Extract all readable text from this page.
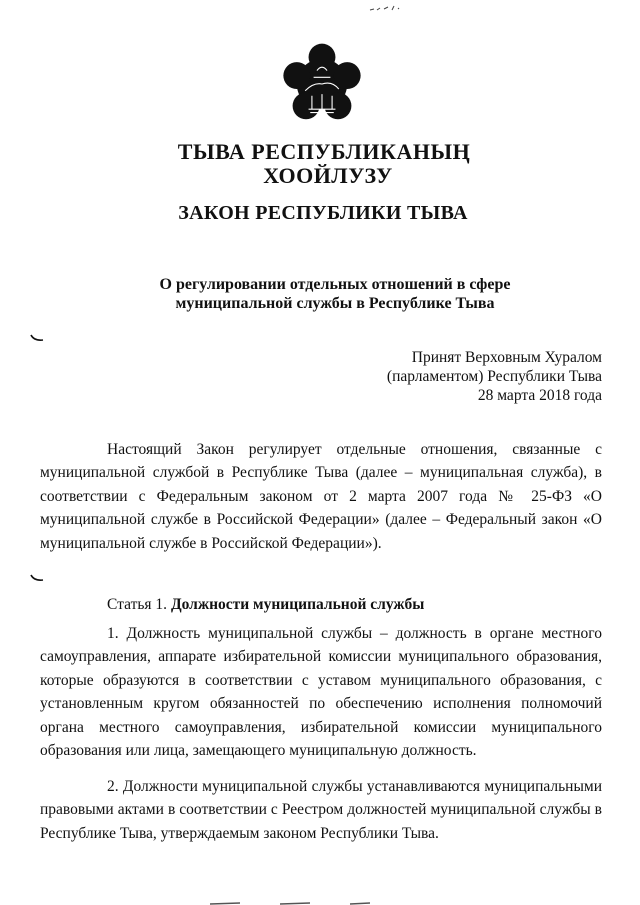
ТЫВА РЕСПУБЛИКАНЫҢ
ХООЙЛУЗУ
ЗАКОН РЕСПУБЛИКИ ТЫВА
О регулировании отдельных отношений в сфере
муниципальной службы в Республике Тыва
Принят Верховным Хуралом
(парламентом) Республики Тыва
28 марта 2018 года

Настоящий Закон регулирует отдельные отношения, связанные с муниципальной службой в Республике Тыва (далее – муниципальная служба), в соответствии с Федеральным законом от 2 марта 2007 года № 25-ФЗ «О муниципальной службе в Российской Федерации» (далее – Федеральный закон «О муниципальной службе в Российской Федерации»).

Статья 1. Должности муниципальной службы

1. Должность муниципальной службы – должность в органе местного самоуправления, аппарате избирательной комиссии муниципального образования, которые образуются в соответствии с уставом муниципального образования, с установленным кругом обязанностей по обеспечению исполнения полномочий органа местного самоуправления, избирательной комиссии муниципального образования или лица, замещающего муниципальную должность.

2. Должности муниципальной службы устанавливаются муниципальными правовыми актами в соответствии с Реестром должностей муниципальной службы в Республике Тыва, утверждаемым законом Республики Тыва.
